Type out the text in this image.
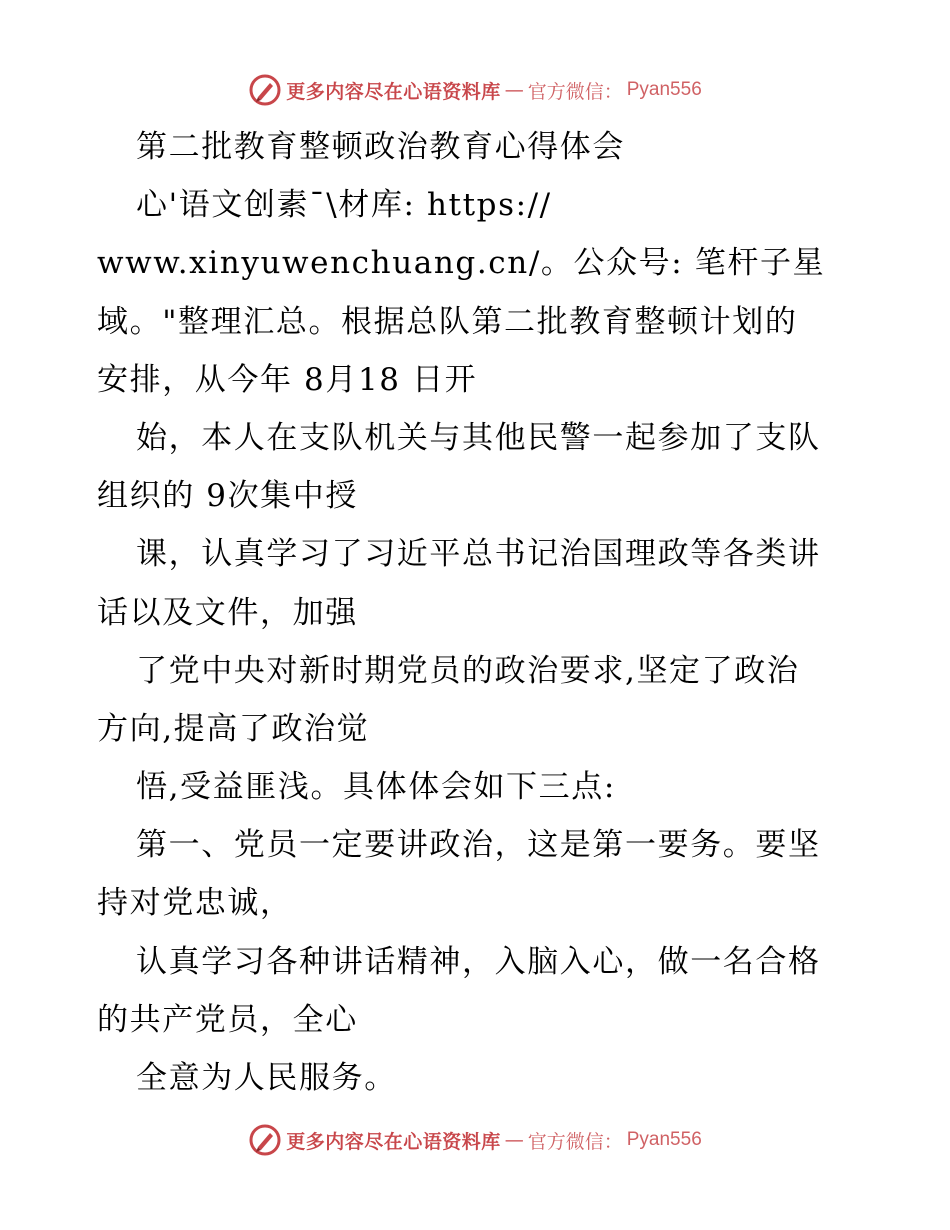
更多内容尽在心语资料库 — 官方微信： Pyan556
第二批教育整顿政治教育心得体会
心'语文创素¯\材库: https://
www.xinyuwenchuang.cn/。公众号: 笔杆子星
域。"整理汇总。根据总队第二批教育整顿计划的
安排，从今年 8月18 日开
始，本人在支队机关与其他民警一起参加了支队
组织的 9次集中授
课，认真学习了习近平总书记治国理政等各类讲
话以及文件，加强
了党中央对新时期党员的政治要求,坚定了政治
方向,提高了政治觉
悟,受益匪浅。具体体会如下三点:
第一、党员一定要讲政治，这是第一要务。要坚
持对党忠诚，
认真学习各种讲话精神，入脑入心，做一名合格
的共产党员，全心
全意为人民服务。
更多内容尽在心语资料库 — 官方微信： Pyan556
